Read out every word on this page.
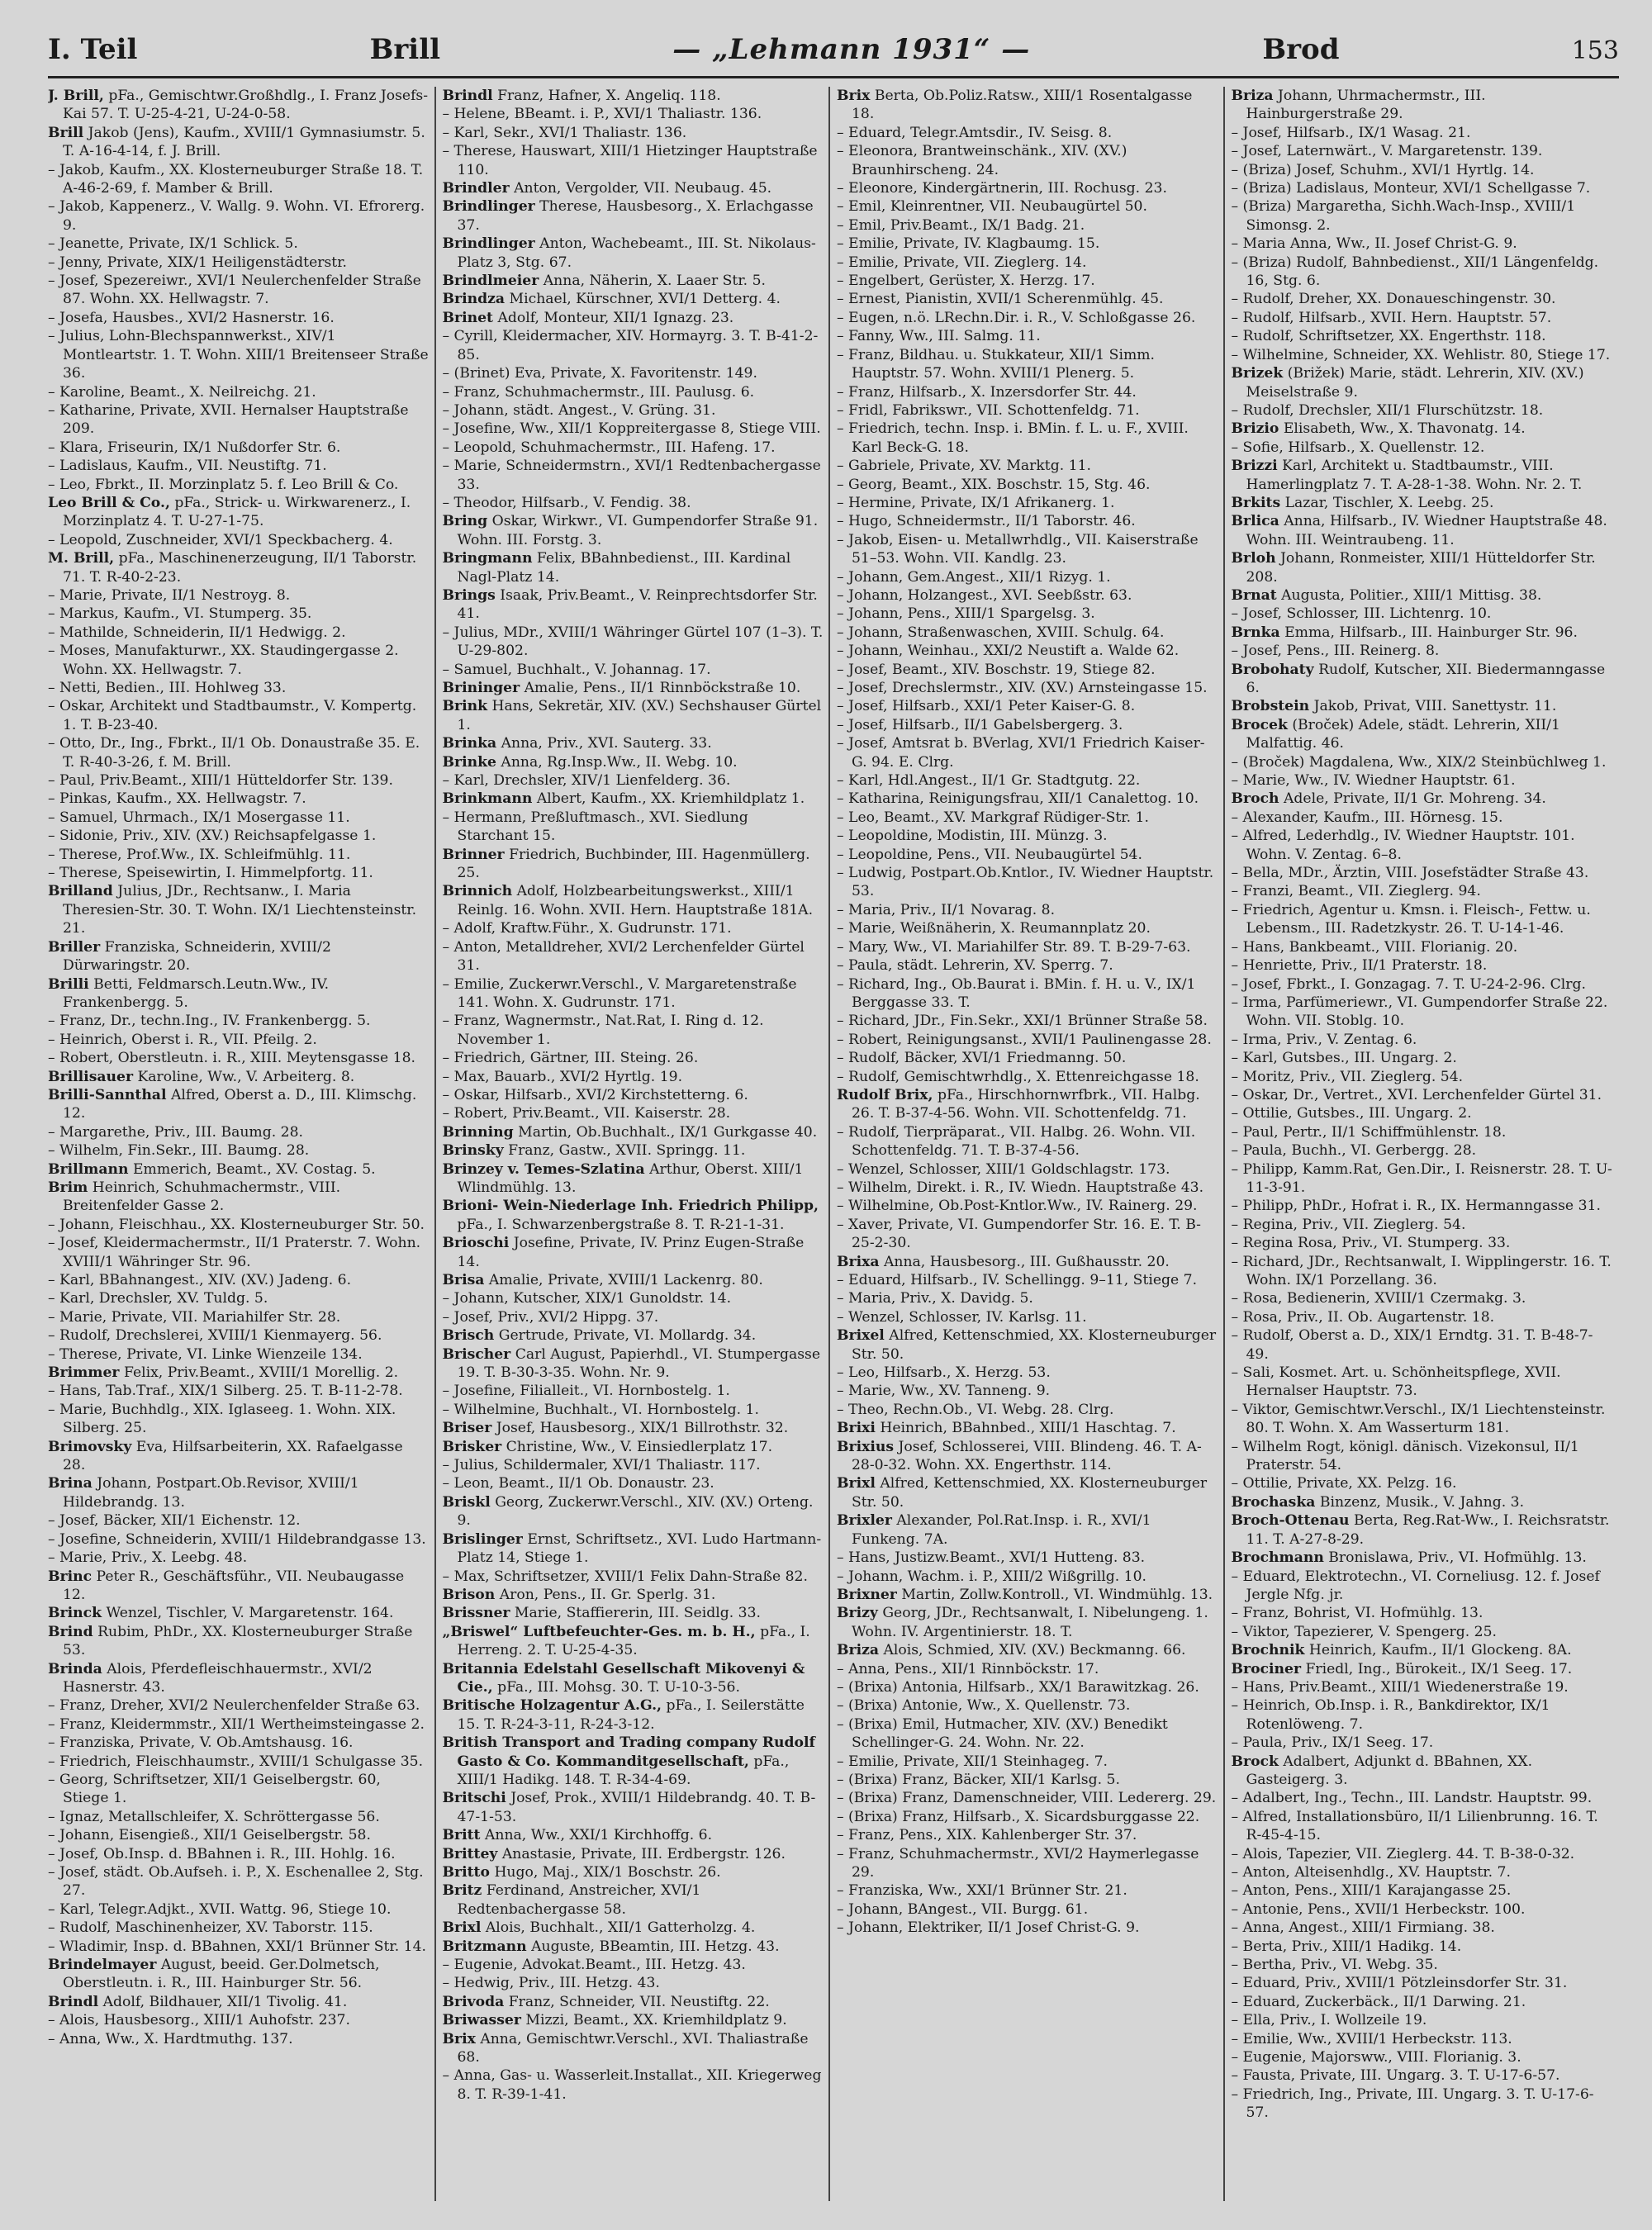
I. Teil	Brill	— „Lehmann 1931“ —	Brod	153

J. Brill, pFa., Gemischtwr.Großhdlg., I. Franz Josefs-Kai 57. T. U-25-4-21, U-24-0-58.

Brill Jakob (Jens), Kaufm., XVIII/1 Gymnasiumstr. 5. T. A-16-4-14, f. J. Brill.

– Jakob, Kaufm., XX. Klosterneuburger Straße 18. T. A-46-2-69, f. Mamber & Brill.

– Jakob, Kappenerz., V. Wallg. 9. Wohn. VI. Efrorerg. 9.

– Jeanette, Private, IX/1 Schlick. 5.

– Jenny, Private, XIX/1 Heiligenstädterstr.

– Josef, Spezereiwr., XVI/1 Neulerchenfelder Straße 87. Wohn. XX. Hellwagstr. 7.

– Josefa, Hausbes., XVI/2 Hasnerstr. 16.

– Julius, Lohn-Blechspannwerkst., XIV/1 Montleartstr. 1. T. Wohn. XIII/1 Breitenseer Straße 36.

– Karoline, Beamt., X. Neilreichg. 21.

– Katharine, Private, XVII. Hernalser Hauptstraße 209.

– Klara, Friseurin, IX/1 Nußdorfer Str. 6.

– Ladislaus, Kaufm., VII. Neustiftg. 71.

– Leo, Fbrkt., II. Morzinplatz 5. f. Leo Brill & Co.

Leo Brill & Co., pFa., Strick- u. Wirkwarenerz., I. Morzinplatz 4. T. U-27-1-75.

– Leopold, Zuschneider, XVI/1 Speckbacherg. 4.

M. Brill, pFa., Maschinenerzeugung, II/1 Taborstr. 71. T. R-40-2-23.

– Marie, Private, II/1 Nestroyg. 8.

– Markus, Kaufm., VI. Stumperg. 35.

– Mathilde, Schneiderin, II/1 Hedwigg. 2.

– Moses, Manufakturwr., XX. Staudingergasse 2. Wohn. XX. Hellwagstr. 7.

– Netti, Bedien., III. Hohlweg 33.

– Oskar, Architekt und Stadtbaumstr., V. Kompertg. 1. T. B-23-40.

– Otto, Dr., Ing., Fbrkt., II/1 Ob. Donaustraße 35. E. T. R-40-3-26, f. M. Brill.

– Paul, Priv.Beamt., XIII/1 Hütteldorfer Str. 139.

– Pinkas, Kaufm., XX. Hellwagstr. 7.

– Samuel, Uhrmach., IX/1 Mosergasse 11.

– Sidonie, Priv., XIV. (XV.) Reichsapfelgasse 1.

– Therese, Prof.Ww., IX. Schleifmühlg. 11.

– Therese, Speisewirtin, I. Himmelpfortg. 11.

Brilland Julius, JDr., Rechtsanw., I. Maria Theresien-Str. 30. T. Wohn. IX/1 Liechtensteinstr. 21.

Briller Franziska, Schneiderin, XVIII/2 Dürwaringstr. 20.

Brilli Betti, Feldmarsch.Leutn.Ww., IV. Frankenbergg. 5.

– Franz, Dr., techn.Ing., IV. Frankenbergg. 5.

– Heinrich, Oberst i. R., VII. Pfeilg. 2.

– Robert, Oberstleutn. i. R., XIII. Meytensgasse 18.

Brillisauer Karoline, Ww., V. Arbeiterg. 8.

Brilli-Sannthal Alfred, Oberst a. D., III. Klimschg. 12.

– Margarethe, Priv., III. Baumg. 28.

– Wilhelm, Fin.Sekr., III. Baumg. 28.

Brillmann Emmerich, Beamt., XV. Costag. 5.

Brim Heinrich, Schuhmachermstr., VIII. Breitenfelder Gasse 2.

– Johann, Fleischhau., XX. Klosterneuburger Str. 50.

– Josef, Kleidermachermstr., II/1 Praterstr. 7. Wohn. XVIII/1 Währinger Str. 96.

– Karl, BBahnangest., XIV. (XV.) Jadeng. 6.

– Karl, Drechsler, XV. Tuldg. 5.

– Marie, Private, VII. Mariahilfer Str. 28.

– Rudolf, Drechslerei, XVIII/1 Kienmayerg. 56.

– Therese, Private, VI. Linke Wienzeile 134.

Brimmer Felix, Priv.Beamt., XVIII/1 Morellig. 2.

– Hans, Tab.Traf., XIX/1 Silberg. 25. T. B-11-2-78.

– Marie, Buchhdlg., XIX. Iglaseeg. 1. Wohn. XIX. Silberg. 25.

Brimovsky Eva, Hilfsarbeiterin, XX. Rafaelgasse 28.

Brina Johann, Postpart.Ob.Revisor, XVIII/1 Hildebrandg. 13.

– Josef, Bäcker, XII/1 Eichenstr. 12.

– Josefine, Schneiderin, XVIII/1 Hildebrandgasse 13.

– Marie, Priv., X. Leebg. 48.

Brinc Peter R., Geschäftsführ., VII. Neubaugasse 12.

Brinck Wenzel, Tischler, V. Margaretenstr. 164.

Brind Rubim, PhDr., XX. Klosterneuburger Straße 53.

Brinda Alois, Pferdefleischhauermstr., XVI/2 Hasnerstr. 43.

– Franz, Dreher, XVI/2 Neulerchenfelder Straße 63.

– Franz, Kleidermmstr., XII/1 Wertheimsteingasse 2.

– Franziska, Private, V. Ob.Amtshausg. 16.

– Friedrich, Fleischhaumstr., XVIII/1 Schulgasse 35.

– Georg, Schriftsetzer, XII/1 Geiselbergstr. 60, Stiege 1.

– Ignaz, Metallschleifer, X. Schröttergasse 56.

– Johann, Eisengieß., XII/1 Geiselbergstr. 58.

– Josef, Ob.Insp. d. BBahnen i. R., III. Hohlg. 16.

– Josef, städt. Ob.Aufseh. i. P., X. Eschenallee 2, Stg. 27.

– Karl, Telegr.Adjkt., XVII. Wattg. 96, Stiege 10.

– Rudolf, Maschinenheizer, XV. Taborstr. 115.

– Wladimir, Insp. d. BBahnen, XXI/1 Brünner Str. 14.

Brindelmayer August, beeid. Ger.Dolmetsch, Oberstleutn. i. R., III. Hainburger Str. 56.

Brindl Adolf, Bildhauer, XII/1 Tivolig. 41.

– Alois, Hausbesorg., XIII/1 Auhofstr. 237.

– Anna, Ww., X. Hardtmuthg. 137.

Brindl Franz, Hafner, X. Angeliq. 118.

– Helene, BBeamt. i. P., XVI/1 Thaliastr. 136.

– Karl, Sekr., XVI/1 Thaliastr. 136.

– Therese, Hauswart, XIII/1 Hietzinger Hauptstraße 110.

Brindler Anton, Vergolder, VII. Neubaug. 45.

Brindlinger Therese, Hausbesorg., X. Erlachgasse 37.

Brindlinger Anton, Wachebeamt., III. St. Nikolaus-Platz 3, Stg. 67.

Brindlmeier Anna, Näherin, X. Laaer Str. 5.

Brindza Michael, Kürschner, XVI/1 Detterg. 4.

Brinet Adolf, Monteur, XII/1 Ignazg. 23.

– Cyrill, Kleidermacher, XIV. Hormayrg. 3. T. B-41-2-85.

– (Brinet) Eva, Private, X. Favoritenstr. 149.

– Franz, Schuhmachermstr., III. Paulusg. 6.

– Johann, städt. Angest., V. Grüng. 31.

– Josefine, Ww., XII/1 Koppreitergasse 8, Stiege VIII.

– Leopold, Schuhmachermstr., III. Hafeng. 17.

– Marie, Schneidermstrn., XVI/1 Redtenbachergasse 33.

– Theodor, Hilfsarb., V. Fendig. 38.

Bring Oskar, Wirkwr., VI. Gumpendorfer Straße 91. Wohn. III. Forstg. 3.

Bringmann Felix, BBahnbedienst., III. Kardinal Nagl-Platz 14.

Brings Isaak, Priv.Beamt., V. Reinprechtsdorfer Str. 41.

– Julius, MDr., XVIII/1 Währinger Gürtel 107 (1–3). T. U-29-802.

– Samuel, Buchhalt., V. Johannag. 17.

Brininger Amalie, Pens., II/1 Rinnböckstraße 10.

Brink Hans, Sekretär, XIV. (XV.) Sechshauser Gürtel 1.

Brinka Anna, Priv., XVI. Sauterg. 33.

Brinke Anna, Rg.Insp.Ww., II. Webg. 10.

– Karl, Drechsler, XIV/1 Lienfelderg. 36.

Brinkmann Albert, Kaufm., XX. Kriemhildplatz 1.

– Hermann, Preßluftmasch., XVI. Siedlung Starchant 15.

Brinner Friedrich, Buchbinder, III. Hagenmüllerg. 25.

Brinnich Adolf, Holzbearbeitungswerkst., XIII/1 Reinlg. 16. Wohn. XVII. Hern. Hauptstraße 181A.

– Adolf, Kraftw.Führ., X. Gudrunstr. 171.

– Anton, Metalldreher, XVI/2 Lerchenfelder Gürtel 31.

– Emilie, Zuckerwr.Verschl., V. Margaretenstraße 141. Wohn. X. Gudrunstr. 171.

– Franz, Wagnermstr., Nat.Rat, I. Ring d. 12. November 1.

– Friedrich, Gärtner, III. Steing. 26.

– Max, Bauarb., XVI/2 Hyrtlg. 19.

– Oskar, Hilfsarb., XVI/2 Kirchstetterng. 6.

– Robert, Priv.Beamt., VII. Kaiserstr. 28.

Brinning Martin, Ob.Buchhalt., IX/1 Gurkgasse 40.

Brinsky Franz, Gastw., XVII. Springg. 11.

Brinzey v. Temes-Szlatina Arthur, Oberst. XIII/1 Wlindmühlg. 13.

Brioni- Wein-Niederlage Inh. Friedrich Philipp, pFa., I. Schwarzenbergstraße 8. T. R-21-1-31.

Brioschi Josefine, Private, IV. Prinz Eugen-Straße 14.

Brisa Amalie, Private, XVIII/1 Lackenrg. 80.

– Johann, Kutscher, XIX/1 Gunoldstr. 14.

– Josef, Priv., XVI/2 Hippg. 37.

Brisch Gertrude, Private, VI. Mollardg. 34.

Brischer Carl August, Papierhdl., VI. Stumpergasse 19. T. B-30-3-35. Wohn. Nr. 9.

– Josefine, Filialleit., VI. Hornbostelg. 1.

– Wilhelmine, Buchhalt., VI. Hornbostelg. 1.

Briser Josef, Hausbesorg., XIX/1 Billrothstr. 32.

Brisker Christine, Ww., V. Einsiedlerplatz 17.

– Julius, Schildermaler, XVI/1 Thaliastr. 117.

– Leon, Beamt., II/1 Ob. Donaustr. 23.

Briskl Georg, Zuckerwr.Verschl., XIV. (XV.) Orteng. 9.

Brislinger Ernst, Schriftsetz., XVI. Ludo Hartmann-Platz 14, Stiege 1.

– Max, Schriftsetzer, XVIII/1 Felix Dahn-Straße 82.

Brison Aron, Pens., II. Gr. Sperlg. 31.

Brissner Marie, Staffiererin, III. Seidlg. 33.

„Briswel“ Luftbefeuchter-Ges. m. b. H., pFa., I. Herreng. 2. T. U-25-4-35.

Britannia Edelstahl Gesellschaft Mikovenyi & Cie., pFa., III. Mohsg. 30. T. U-10-3-56.

Britische Holzagentur A.G., pFa., I. Seilerstätte 15. T. R-24-3-11, R-24-3-12.

British Transport and Trading company Rudolf Gasto & Co. Kommanditgesellschaft, pFa., XIII/1 Hadikg. 148. T. R-34-4-69.

Britschi Josef, Prok., XVIII/1 Hildebrandg. 40. T. B-47-1-53.

Britt Anna, Ww., XXI/1 Kirchhoffg. 6.

Brittey Anastasie, Private, III. Erdbergstr. 126.

Britto Hugo, Maj., XIX/1 Boschstr. 26.

Britz Ferdinand, Anstreicher, XVI/1 Redtenbachergasse 58.

Brixl Alois, Buchhalt., XII/1 Gatterholzg. 4.

Britzmann Auguste, BBeamtin, III. Hetzg. 43.

– Eugenie, Advokat.Beamt., III. Hetzg. 43.

– Hedwig, Priv., III. Hetzg. 43.

Brivoda Franz, Schneider, VII. Neustiftg. 22.

Briwasser Mizzi, Beamt., XX. Kriemhildplatz 9.

Brix Anna, Gemischtwr.Verschl., XVI. Thaliastraße 68.

– Anna, Gas- u. Wasserleit.Installat., XII. Kriegerweg 8. T. R-39-1-41.

Brix Berta, Ob.Poliz.Ratsw., XIII/1 Rosentalgasse 18.

– Eduard, Telegr.Amtsdir., IV. Seisg. 8.

– Eleonora, Brantweinschänk., XIV. (XV.) Braunhirscheng. 24.

– Eleonore, Kindergärtnerin, III. Rochusg. 23.

– Emil, Kleinrentner, VII. Neubaugürtel 50.

– Emil, Priv.Beamt., IX/1 Badg. 21.

– Emilie, Private, IV. Klagbaumg. 15.

– Emilie, Private, VII. Zieglerg. 14.

– Engelbert, Gerüster, X. Herzg. 17.

– Ernest, Pianistin, XVII/1 Scherenmühlg. 45.

– Eugen, n.ö. LRechn.Dir. i. R., V. Schloßgasse 26.

– Fanny, Ww., III. Salmg. 11.

– Franz, Bildhau. u. Stukkateur, XII/1 Simm. Hauptstr. 57. Wohn. XVIII/1 Plenerg. 5.

– Franz, Hilfsarb., X. Inzersdorfer Str. 44.

– Fridl, Fabrikswr., VII. Schottenfeldg. 71.

– Friedrich, techn. Insp. i. BMin. f. L. u. F., XVIII. Karl Beck-G. 18.

– Gabriele, Private, XV. Marktg. 11.

– Georg, Beamt., XIX. Boschstr. 15, Stg. 46.

– Hermine, Private, IX/1 Afrikanerg. 1.

– Hugo, Schneidermstr., II/1 Taborstr. 46.

– Jakob, Eisen- u. Metallwrhdlg., VII. Kaiserstraße 51–53. Wohn. VII. Kandlg. 23.

– Johann, Gem.Angest., XII/1 Rizyg. 1.

– Johann, Holzangest., XVI. Seebßstr. 63.

– Johann, Pens., XIII/1 Spargelsg. 3.

– Johann, Straßenwaschen, XVIII. Schulg. 64.

– Johann, Weinhau., XXI/2 Neustift a. Walde 62.

– Josef, Beamt., XIV. Boschstr. 19, Stiege 82.

– Josef, Drechslermstr., XIV. (XV.) Arnsteingasse 15.

– Josef, Hilfsarb., XXI/1 Peter Kaiser-G. 8.

– Josef, Hilfsarb., II/1 Gabelsbergerg. 3.

– Josef, Amtsrat b. BVerlag, XVI/1 Friedrich Kaiser-G. 94. E. Clrg.

– Karl, Hdl.Angest., II/1 Gr. Stadtgutg. 22.

– Katharina, Reinigungsfrau, XII/1 Canalettog. 10.

– Leo, Beamt., XV. Markgraf Rüdiger-Str. 1.

– Leopoldine, Modistin, III. Münzg. 3.

– Leopoldine, Pens., VII. Neubaugürtel 54.

– Ludwig, Postpart.Ob.Kntlor., IV. Wiedner Hauptstr. 53.

– Maria, Priv., II/1 Novarag. 8.

– Marie, Weißnäherin, X. Reumannplatz 20.

– Mary, Ww., VI. Mariahilfer Str. 89. T. B-29-7-63.

– Paula, städt. Lehrerin, XV. Sperrg. 7.

– Richard, Ing., Ob.Baurat i. BMin. f. H. u. V., IX/1 Berggasse 33. T.

– Richard, JDr., Fin.Sekr., XXI/1 Brünner Straße 58.

– Robert, Reinigungsanst., XVII/1 Paulinengasse 28.

– Rudolf, Bäcker, XVI/1 Friedmanng. 50.

– Rudolf, Gemischtwrhdlg., X. Ettenreichgasse 18.

Rudolf Brix, pFa., Hirschhornwrfbrk., VII. Halbg. 26. T. B-37-4-56. Wohn. VII. Schottenfeldg. 71.

– Rudolf, Tierpräparat., VII. Halbg. 26. Wohn. VII. Schottenfeldg. 71. T. B-37-4-56.

– Wenzel, Schlosser, XIII/1 Goldschlagstr. 173.

– Wilhelm, Direkt. i. R., IV. Wiedn. Hauptstraße 43.

– Wilhelmine, Ob.Post-Kntlor.Ww., IV. Rainerg. 29.

– Xaver, Private, VI. Gumpendorfer Str. 16. E. T. B-25-2-30.

Brixa Anna, Hausbesorg., III. Gußhausstr. 20.

– Eduard, Hilfsarb., IV. Schellingg. 9–11, Stiege 7.

– Maria, Priv., X. Davidg. 5.

– Wenzel, Schlosser, IV. Karlsg. 11.

Brixel Alfred, Kettenschmied, XX. Klosterneuburger Str. 50.

– Leo, Hilfsarb., X. Herzg. 53.

– Marie, Ww., XV. Tanneng. 9.

– Theo, Rechn.Ob., VI. Webg. 28. Clrg.

Brixi Heinrich, BBahnbed., XIII/1 Haschtag. 7.

Brixius Josef, Schlosserei, VIII. Blindeng. 46. T. A-28-0-32. Wohn. XX. Engerthstr. 114.

Brixl Alfred, Kettenschmied, XX. Klosterneuburger Str. 50.

Brixler Alexander, Pol.Rat.Insp. i. R., XVI/1 Funkeng. 7A.

– Hans, Justizw.Beamt., XVI/1 Hutteng. 83.

– Johann, Wachm. i. P., XIII/2 Wißgrillg. 10.

Brixner Martin, Zollw.Kontroll., VI. Windmühlg. 13.

Brizy Georg, JDr., Rechtsanwalt, I. Nibelungeng. 1. Wohn. IV. Argentinierstr. 18. T.

Briza Alois, Schmied, XIV. (XV.) Beckmanng. 66.

– Anna, Pens., XII/1 Rinnböckstr. 17.

– (Brixa) Antonia, Hilfsarb., XX/1 Barawitzkag. 26.

– (Brixa) Antonie, Ww., X. Quellenstr. 73.

– (Brixa) Emil, Hutmacher, XIV. (XV.) Benedikt Schellinger-G. 24. Wohn. Nr. 22.

– Emilie, Private, XII/1 Steinhageg. 7.

– (Brixa) Franz, Bäcker, XII/1 Karlsg. 5.

– (Brixa) Franz, Damenschneider, VIII. Ledererg. 29.

– (Brixa) Franz, Hilfsarb., X. Sicardsburggasse 22.

– Franz, Pens., XIX. Kahlenberger Str. 37.

– Franz, Schuhmachermstr., XVI/2 Haymerlegasse 29.

– Franziska, Ww., XXI/1 Brünner Str. 21.

– Johann, BAngest., VII. Burgg. 61.

– Johann, Elektriker, II/1 Josef Christ-G. 9.

Briza Johann, Uhrmachermstr., III. Hainburgerstraße 29.

– Josef, Hilfsarb., IX/1 Wasag. 21.

– Josef, Laternwärt., V. Margaretenstr. 139.

– (Briza) Josef, Schuhm., XVI/1 Hyrtlg. 14.

– (Briza) Ladislaus, Monteur, XVI/1 Schellgasse 7.

– (Briza) Margaretha, Sichh.Wach-Insp., XVIII/1 Simonsg. 2.

– Maria Anna, Ww., II. Josef Christ-G. 9.

– (Briza) Rudolf, Bahnbedienst., XII/1 Längenfeldg. 16, Stg. 6.

– Rudolf, Dreher, XX. Donaueschingenstr. 30.

– Rudolf, Hilfsarb., XVII. Hern. Hauptstr. 57.

– Rudolf, Schriftsetzer, XX. Engerthstr. 118.

– Wilhelmine, Schneider, XX. Wehlistr. 80, Stiege 17.

Brizek (Brižek) Marie, städt. Lehrerin, XIV. (XV.) Meiselstraße 9.

– Rudolf, Drechsler, XII/1 Flurschützstr. 18.

Brizio Elisabeth, Ww., X. Thavonatg. 14.

– Sofie, Hilfsarb., X. Quellenstr. 12.

Brizzi Karl, Architekt u. Stadtbaumstr., VIII. Hamerlingplatz 7. T. A-28-1-38. Wohn. Nr. 2. T.

Brkits Lazar, Tischler, X. Leebg. 25.

Brlica Anna, Hilfsarb., IV. Wiedner Hauptstraße 48. Wohn. III. Weintraubeng. 11.

Brloh Johann, Ronmeister, XIII/1 Hütteldorfer Str. 208.

Brnat Augusta, Politier., XIII/1 Mittisg. 38.

– Josef, Schlosser, III. Lichtenrg. 10.

Brnka Emma, Hilfsarb., III. Hainburger Str. 96.

– Josef, Pens., III. Reinerg. 8.

Brobohaty Rudolf, Kutscher, XII. Biedermanngasse 6.

Brobstein Jakob, Privat, VIII. Sanettystr. 11.

Brocek (Broček) Adele, städt. Lehrerin, XII/1 Malfattig. 46.

– (Broček) Magdalena, Ww., XIX/2 Steinbüchlweg 1.

– Marie, Ww., IV. Wiedner Hauptstr. 61.

Broch Adele, Private, II/1 Gr. Mohreng. 34.

– Alexander, Kaufm., III. Hörnesg. 15.

– Alfred, Lederhdlg., IV. Wiedner Hauptstr. 101. Wohn. V. Zentag. 6–8.

– Bella, MDr., Ärztin, VIII. Josefstädter Straße 43.

– Franzi, Beamt., VII. Zieglerg. 94.

– Friedrich, Agentur u. Kmsn. i. Fleisch-, Fettw. u. Lebensm., III. Radetzkystr. 26. T. U-14-1-46.

– Hans, Bankbeamt., VIII. Florianig. 20.

– Henriette, Priv., II/1 Praterstr. 18.

– Josef, Fbrkt., I. Gonzagag. 7. T. U-24-2-96. Clrg.

– Irma, Parfümeriewr., VI. Gumpendorfer Straße 22. Wohn. VII. Stoblg. 10.

– Irma, Priv., V. Zentag. 6.

– Karl, Gutsbes., III. Ungarg. 2.

– Moritz, Priv., VII. Zieglerg. 54.

– Oskar, Dr., Vertret., XVI. Lerchenfelder Gürtel 31.

– Ottilie, Gutsbes., III. Ungarg. 2.

– Paul, Pertr., II/1 Schiffmühlenstr. 18.

– Paula, Buchh., VI. Gerbergg. 28.

– Philipp, Kamm.Rat, Gen.Dir., I. Reisnerstr. 28. T. U-11-3-91.

– Philipp, PhDr., Hofrat i. R., IX. Hermanngasse 31.

– Regina, Priv., VII. Zieglerg. 54.

– Regina Rosa, Priv., VI. Stumperg. 33.

– Richard, JDr., Rechtsanwalt, I. Wipplingerstr. 16. T. Wohn. IX/1 Porzellang. 36.

– Rosa, Bedienerin, XVIII/1 Czermakg. 3.

– Rosa, Priv., II. Ob. Augartenstr. 18.

– Rudolf, Oberst a. D., XIX/1 Erndtg. 31. T. B-48-7-49.

– Sali, Kosmet. Art. u. Schönheitspflege, XVII. Hernalser Hauptstr. 73.

– Viktor, Gemischtwr.Verschl., IX/1 Liechtensteinstr. 80. T. Wohn. X. Am Wasserturm 181.

– Wilhelm Rogt, königl. dänisch. Vizekonsul, II/1 Praterstr. 54.

– Ottilie, Private, XX. Pelzg. 16.

Brochaska Binzenz, Musik., V. Jahng. 3.

Broch-Ottenau Berta, Reg.Rat-Ww., I. Reichsratstr. 11. T. A-27-8-29.

Brochmann Bronislawa, Priv., VI. Hofmühlg. 13.

– Eduard, Elektrotechn., VI. Corneliusg. 12. f. Josef Jergle Nfg. jr.

– Franz, Bohrist, VI. Hofmühlg. 13.

– Viktor, Tapezierer, V. Spengerg. 25.

Brochnik Heinrich, Kaufm., II/1 Glockeng. 8A.

Brociner Friedl, Ing., Bürokeit., IX/1 Seeg. 17.

– Hans, Priv.Beamt., XIII/1 Wiedenerstraße 19.

– Heinrich, Ob.Insp. i. R., Bankdirektor, IX/1 Rotenlöweng. 7.

– Paula, Priv., IX/1 Seeg. 17.

Brock Adalbert, Adjunkt d. BBahnen, XX. Gasteigerg. 3.

– Adalbert, Ing., Techn., III. Landstr. Hauptstr. 99.

– Alfred, Installationsbüro, II/1 Lilienbrunng. 16. T. R-45-4-15.

– Alois, Tapezier, VII. Zieglerg. 44. T. B-38-0-32.

– Anton, Alteisenhdlg., XV. Hauptstr. 7.

– Anton, Pens., XIII/1 Karajangasse 25.

– Antonie, Pens., XVII/1 Herbeckstr. 100.

– Anna, Angest., XIII/1 Firmiang. 38.

– Berta, Priv., XIII/1 Hadikg. 14.

– Bertha, Priv., VI. Webg. 35.

– Eduard, Priv., XVIII/1 Pötzleinsdorfer Str. 31.

– Eduard, Zuckerbäck., II/1 Darwing. 21.

– Ella, Priv., I. Wollzeile 19.

– Emilie, Ww., XVIII/1 Herbeckstr. 113.

– Eugenie, Majorsww., VIII. Florianig. 3.

– Fausta, Private, III. Ungarg. 3. T. U-17-6-57.

– Friedrich, Ing., Private, III. Ungarg. 3. T. U-17-6-57.
